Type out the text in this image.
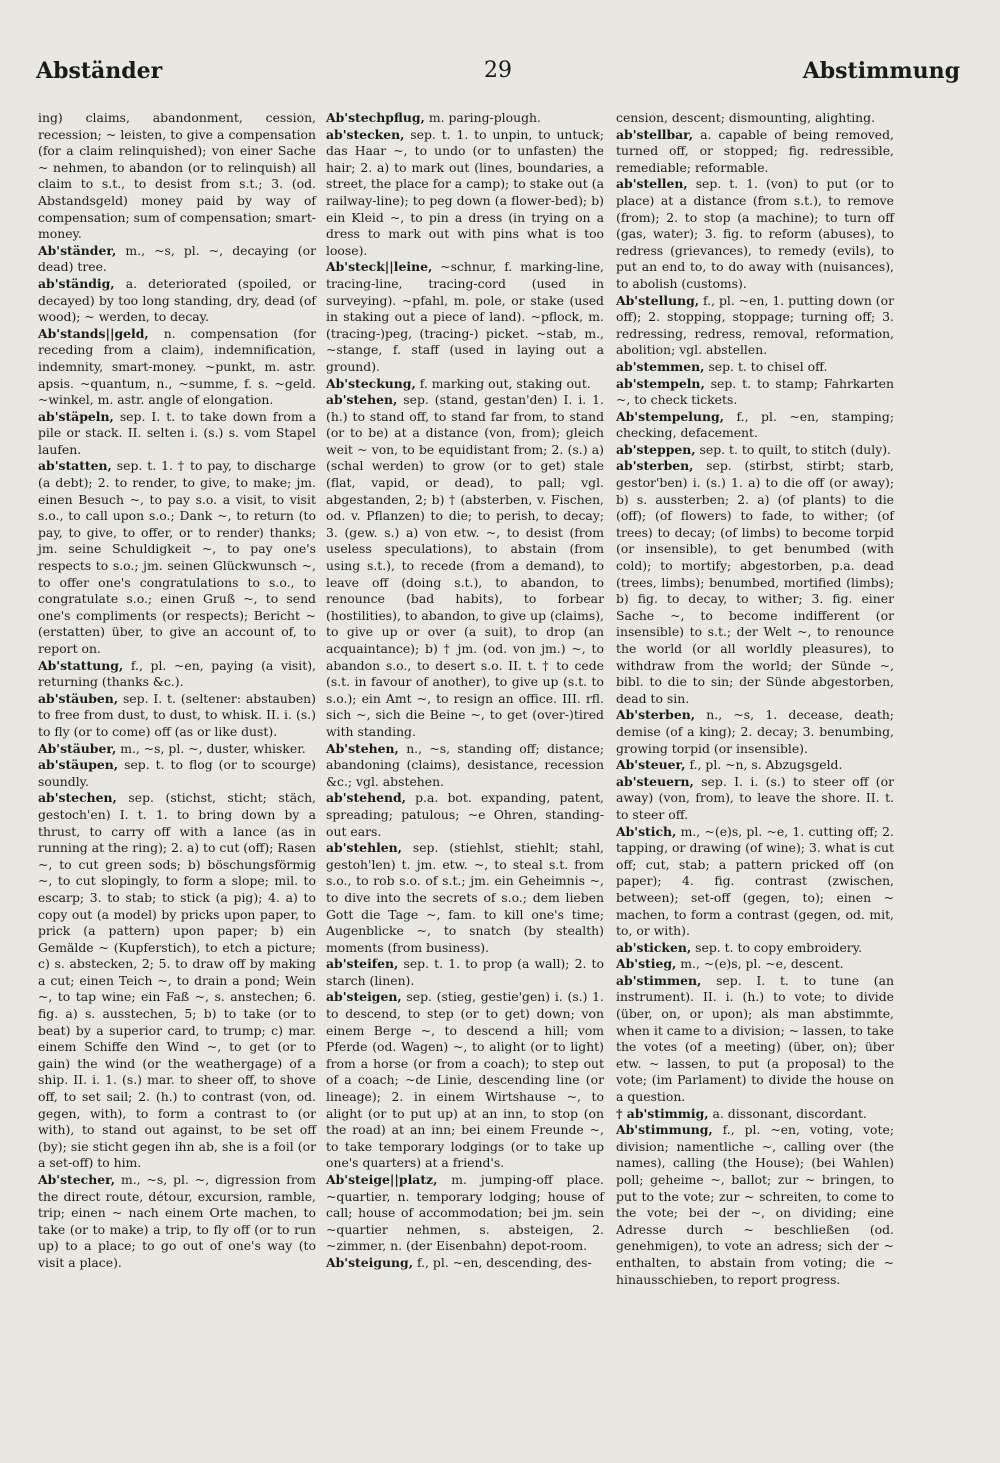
Abständer	29	Abstimmung

ing) claims, abandonment, cession, recession; ~ leisten, to give a compensation (for a claim relinquished); von einer Sache ~ nehmen, to abandon (or to relinquish) all claim to s.t., to desist from s.t.; 3. (od. Abstandsgeld) money paid by way of compensation; sum of compensation; smart-money.

Ab'ständer, m., ~s, pl. ~, decaying (or dead) tree.

ab'ständig, a. deteriorated (spoiled, or decayed) by too long standing, dry, dead (of wood); ~ werden, to decay.

Ab'stands||geld, n. compensation (for receding from a claim), indemnification, indemnity, smart-money. ~punkt, m. astr. apsis. ~quantum, n., ~summe, f. s. ~geld. ~winkel, m. astr. angle of elongation.

ab'stäpeln, sep. I. t. to take down from a pile or stack. II. selten i. (s.) s. vom Stapel laufen.

ab'statten, sep. t. 1. † to pay, to discharge (a debt); 2. to render, to give, to make; jm. einen Besuch ~, to pay s.o. a visit, to visit s.o., to call upon s.o.; Dank ~, to return (to pay, to give, to offer, or to render) thanks; jm. seine Schuldigkeit ~, to pay one's respects to s.o.; jm. seinen Glückwunsch ~, to offer one's congratulations to s.o., to congratulate s.o.; einen Gruß ~, to send one's compliments (or respects); Bericht ~ (erstatten) über, to give an account of, to report on.

Ab'stattung, f., pl. ~en, paying (a visit), returning (thanks &c.).

ab'stäuben, sep. I. t. (seltener: abstauben) to free from dust, to dust, to whisk. II. i. (s.) to fly (or to come) off (as or like dust).

Ab'stäuber, m., ~s, pl. ~, duster, whisker.

ab'stäupen, sep. t. to flog (or to scourge) soundly.

ab'stechen, sep. (stichst, sticht; stäch, gestoch'en) I. t. 1. to bring down by a thrust, to carry off with a lance (as in running at the ring); 2. a) to cut (off); Rasen ~, to cut green sods; b) böschungsförmig ~, to cut slopingly, to form a slope; mil. to escarp; 3. to stab; to stick (a pig); 4. a) to copy out (a model) by pricks upon paper, to prick (a pattern) upon paper; b) ein Gemälde ~ (Kupferstich), to etch a picture; c) s. abstecken, 2; 5. to draw off by making a cut; einen Teich ~, to drain a pond; Wein ~, to tap wine; ein Faß ~, s. anstechen; 6. fig. a) s. ausstechen, 5; b) to take (or to beat) by a superior card, to trump; c) mar. einem Schiffe den Wind ~, to get (or to gain) the wind (or the weathergage) of a ship. II. i. 1. (s.) mar. to sheer off, to shove off, to set sail; 2. (h.) to contrast (von, od. gegen, with), to form a contrast to (or with), to stand out against, to be set off (by); sie sticht gegen ihn ab, she is a foil (or a set-off) to him.

Ab'stecher, m., ~s, pl. ~, digression from the direct route, détour, excursion, ramble, trip; einen ~ nach einem Orte machen, to take (or to make) a trip, to fly off (or to run up) to a place; to go out of one's way (to visit a place).

Ab'stechpflug, m. paring-plough.

ab'stecken, sep. t. 1. to unpin, to untuck; das Haar ~, to undo (or to unfasten) the hair; 2. a) to mark out (lines, boundaries, a street, the place for a camp); to stake out (a railway-line); to peg down (a flower-bed); b) ein Kleid ~, to pin a dress (in trying on a dress to mark out with pins what is too loose).

Ab'steck||leine, ~schnur, f. marking-line, tracing-line, tracing-cord (used in surveying). ~pfahl, m. pole, or stake (used in staking out a piece of land). ~pflock, m. (tracing-)peg, (tracing-) picket. ~stab, m., ~stange, f. staff (used in laying out a ground).

Ab'steckung, f. marking out, staking out.

ab'stehen, sep. (stand, gestan'den) I. i. 1. (h.) to stand off, to stand far from, to stand (or to be) at a distance (von, from); gleich weit ~ von, to be equidistant from; 2. (s.) a) (schal werden) to grow (or to get) stale (flat, vapid, or dead), to pall; vgl. abgestanden, 2; b) † (absterben, v. Fischen, od. v. Pflanzen) to die; to perish, to decay; 3. (gew. s.) a) von etw. ~, to desist (from useless speculations), to abstain (from using s.t.), to recede (from a demand), to leave off (doing s.t.), to abandon, to renounce (bad habits), to forbear (hostilities), to abandon, to give up (claims), to give up or over (a suit), to drop (an acquaintance); b) † jm. (od. von jm.) ~, to abandon s.o., to desert s.o. II. t. † to cede (s.t. in favour of another), to give up (s.t. to s.o.); ein Amt ~, to resign an office. III. rfl. sich ~, sich die Beine ~, to get (over-)tired with standing.

Ab'stehen, n., ~s, standing off; distance; abandoning (claims), desistance, recession &c.; vgl. abstehen.

ab'stehend, p.a. bot. expanding, patent, spreading; patulous; ~e Ohren, standing-out ears.

ab'stehlen, sep. (stiehlst, stiehlt; stahl, gestoh'len) t. jm. etw. ~, to steal s.t. from s.o., to rob s.o. of s.t.; jm. ein Geheimnis ~, to dive into the secrets of s.o.; dem lieben Gott die Tage ~, fam. to kill one's time; Augenblicke ~, to snatch (by stealth) moments (from business).

ab'steifen, sep. t. 1. to prop (a wall); 2. to starch (linen).

ab'steigen, sep. (stieg, gestie'gen) i. (s.) 1. to descend, to step (or to get) down; von einem Berge ~, to descend a hill; vom Pferde (od. Wagen) ~, to alight (or to light) from a horse (or from a coach); to step out of a coach; ~de Linie, descending line (or lineage); 2. in einem Wirtshause ~, to alight (or to put up) at an inn, to stop (on the road) at an inn; bei einem Freunde ~, to take temporary lodgings (or to take up one's quarters) at a friend's.

Ab'steige||platz, m. jumping-off place. ~quartier, n. temporary lodging; house of call; house of accommodation; bei jm. sein ~quartier nehmen, s. absteigen, 2. ~zimmer, n. (der Eisenbahn) depot-room.

Ab'steigung, f., pl. ~en, descending, des-

cension, descent; dismounting, alighting.

ab'stellbar, a. capable of being removed, turned off, or stopped; fig. redressible, remediable; reformable.

ab'stellen, sep. t. 1. (von) to put (or to place) at a distance (from s.t.), to remove (from); 2. to stop (a machine); to turn off (gas, water); 3. fig. to reform (abuses), to redress (grievances), to remedy (evils), to put an end to, to do away with (nuisances), to abolish (customs).

Ab'stellung, f., pl. ~en, 1. putting down (or off); 2. stopping, stoppage; turning off; 3. redressing, redress, removal, reformation, abolition; vgl. abstellen.

ab'stemmen, sep. t. to chisel off.

ab'stempeln, sep. t. to stamp; Fahrkarten ~, to check tickets.

Ab'stempelung, f., pl. ~en, stamping; checking, defacement.

ab'steppen, sep. t. to quilt, to stitch (duly).

ab'sterben, sep. (stirbst, stirbt; starb, gestor'ben) i. (s.) 1. a) to die off (or away); b) s. aussterben; 2. a) (of plants) to die (off); (of flowers) to fade, to wither; (of trees) to decay; (of limbs) to become torpid (or insensible), to get benumbed (with cold); to mortify; abgestorben, p.a. dead (trees, limbs); benumbed, mortified (limbs); b) fig. to decay, to wither; 3. fig. einer Sache ~, to become indifferent (or insensible) to s.t.; der Welt ~, to renounce the world (or all worldly pleasures), to withdraw from the world; der Sünde ~, bibl. to die to sin; der Sünde abgestorben, dead to sin.

Ab'sterben, n., ~s, 1. decease, death; demise (of a king); 2. decay; 3. benumbing, growing torpid (or insensible).

Ab'steuer, f., pl. ~n, s. Abzugsgeld.

ab'steuern, sep. I. i. (s.) to steer off (or away) (von, from), to leave the shore. II. t. to steer off.

Ab'stich, m., ~(e)s, pl. ~e, 1. cutting off; 2. tapping, or drawing (of wine); 3. what is cut off; cut, stab; a pattern pricked off (on paper); 4. fig. contrast (zwischen, between); set-off (gegen, to); einen ~ machen, to form a contrast (gegen, od. mit, to, or with).

ab'sticken, sep. t. to copy embroidery.

Ab'stieg, m., ~(e)s, pl. ~e, descent.

ab'stimmen, sep. I. t. to tune (an instrument). II. i. (h.) to vote; to divide (über, on, or upon); als man abstimmte, when it came to a division; ~ lassen, to take the votes (of a meeting) (über, on); über etw. ~ lassen, to put (a proposal) to the vote; (im Parlament) to divide the house on a question.

† ab'stimmig, a. dissonant, discordant.

Ab'stimmung, f., pl. ~en, voting, vote; division; namentliche ~, calling over (the names), calling (the House); (bei Wahlen) poll; geheime ~, ballot; zur ~ bringen, to put to the vote; zur ~ schreiten, to come to the vote; bei der ~, on dividing; eine Adresse durch ~ beschließen (od. genehmigen), to vote an adress; sich der ~ enthalten, to abstain from voting; die ~ hinausschieben, to report progress.
